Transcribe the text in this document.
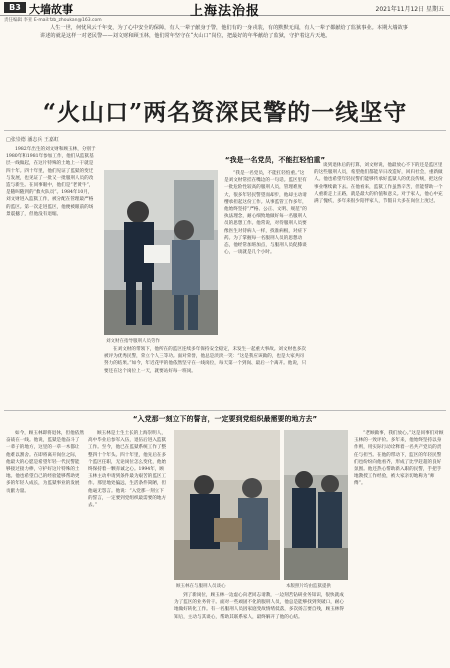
B3 大墙故事	上海法治报	2021年11月12日 星期五
责任编辑 李亚 E-mail:fzb_zhoukan@163.com

人生一世，何忧风云千年变，为了心中安全的保障，有人一辈子献身于警，他们有的一身戎装，有的默默无闻，有人一辈子都献给了监狱事业。本期大墙故事讲述的就是这样一对老民警——刘文财和顾玉林，他们常年坚守在“火山口”岗位，把最好的年华献给了监狱，守护着这片天地。

“火山口”两名资深民警的一线坚守
□张崇德 潘志兵 王嘉虹
“我是一名党员，不能扛轻怕重”

1982年出生的刘文财和顾玉林，分别于1980年和1981年参加工作，他们从监狱基层一线做起，在这片特殊的土地上一干就是四十年。四十年里，他们见证了监狱的变迁与发展，也见证了一批又一批服刑人员的改造与新生。在同事眼中，他们是“老黄牛”，是随叫随到的“救火队员”。1984年10月，刘文财进入监狱工作，被分配在管理最严格的监区。第一次走进监区，他便被眼前的场景震撼了，但他没有退缩。

刘文财在指导服刑人员劳作

“我是一名党员，不能扛轻怕重。”这是刘文财常挂在嘴边的一句话。监区里有一批危险性较高的服刑人员，管理难度大，很多年轻民警望而却步，他却主动请缨承担起这份工作。从事监管工作多年，他始终坚持“严格、公正、文明、规范”的执法理念，耐心细致地做好每一名服刑人员的思想工作。他常说，对待服刑人员要像医生对待病人一样，找准病根，对症下药。为了掌握每一名服刑人员的思想动态，他经常加班加点，与服刑人员促膝谈心，一谈就是几个小时。

在刘文财的带领下，他所在的监区连续多年保持安全稳定，未发生一起重大事故。刘文财也多次被评为优秀民警，荣立个人三等功。面对荣誉，他总是淡淡一笑：“这是我应该做的，也是大家共同努力的结果。”如今，年近花甲的他依然坚守在一线岗位，每天第一个到岗、最后一个离开。他说，只要还在这个岗位上一天，就要站好每一班岗。

谈到退休后的打算，刘文财说，他最放心不下的还是监区里的这些服刑人员，希望他们都能早日改造好，回归社会，重新做人。他也希望年轻民警们能够传承好监狱人的优良传统，把这份事业继续做下去。在他看来，监狱工作虽然辛苦，但能帮助一个人重新走上正路，就是最大的价值和意义。对于家人，他心中充满了愧疚，多年来很少陪伴家人，节假日大多在岗位上度过。

“入党那一刻立下的誓言，一定要到党组织最需要的地方去”

顾玉林是土生土长的上海崇明人，高中毕业后参军入伍，退伍后进入监狱工作。至今，他已在监狱系统工作了整整四十个年头。四十年里，他先后在多个监区任职，无论岗位怎么变化，他始终保持着一颗赤诚之心。1994年，顾玉林主动申请到条件最为艰苦的监区工作。那里地处偏远，生活条件简陋，但他毫无怨言。他说：“入党那一刻立下的誓言，一定要到党组织最需要的地方去。”

顾玉林在与服刑人员谈心	本版照片均由监狱提供

到了新岗位，顾玉林一边虚心向老同志请教，一边刻苦钻研业务知识，很快就成为了监区的业务骨干。面对一些顽固不化的服刑人员，他总是能够找到突破口，耐心地做好转化工作。有一名服刑人员因家庭变故情绪低落，多次扬言要自残，顾玉林得知后，主动与其谈心，帮助其联系家人，最终解开了他的心结。

“老顾做事，我们放心。”这是同事们对顾玉林的一致评价。多年来，他始终坚持以身作则，用实际行动诠释着一名共产党员的责任与担当。在他的带动下，监区的年轻民警们也纷纷向他看齐，形成了比学赶超的良好氛围。他还热心帮助新入职的民警，手把手地教授工作经验，被大家亲切地称为“师傅”。

如今，顾玉林即将退休，但他依然奋战在一线。他说，监狱是他奋斗了一辈子的地方，这里的一草一木都让他难以割舍。在即将离开岗位之际，他最大的心愿是希望年轻一代民警能够接过接力棒，守护好这片特殊的土地。他也希望自己的经验能够帮助更多的年轻人成长，为监狱事业的发展贡献力量。
